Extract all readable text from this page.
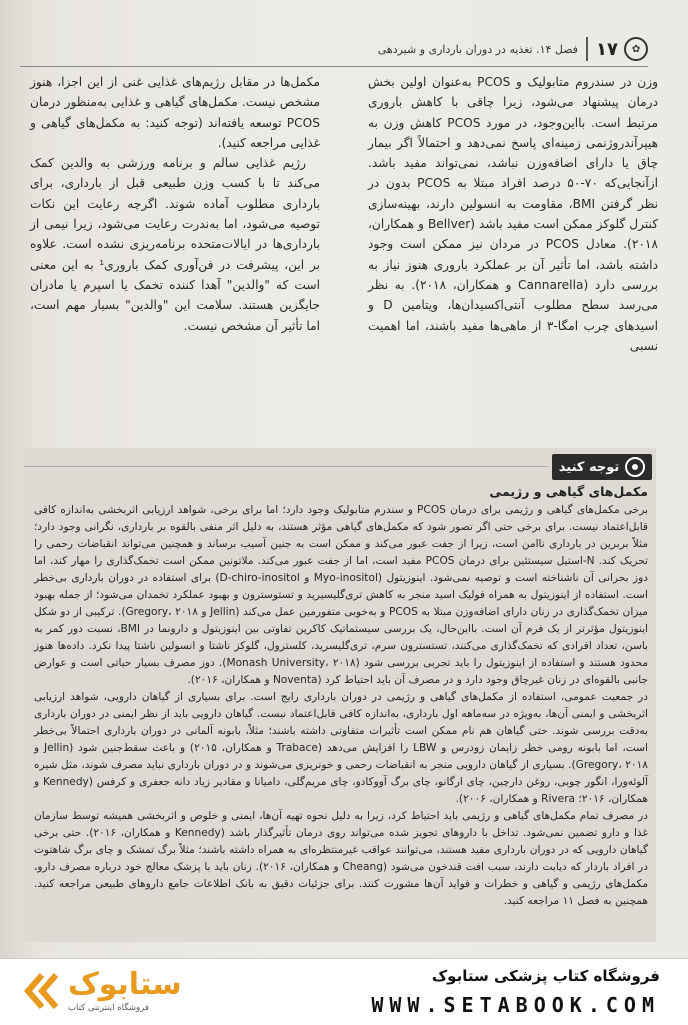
✿
۱۷
فصل ۱۴. تغذیه در دوران بارداری و شیردهی

وزن در سندروم متابولیک و PCOS به‌عنوان اولین بخش درمان پیشنهاد می‌شود، زیرا چاقی با کاهش باروری مرتبط است. بااین‌وجود، در مورد PCOS کاهش وزن به هیپرآندروژنمی زمینه‌ای پاسخ نمی‌دهد و احتمالاً اگر بیمار چاق یا دارای اضافه‌وزن نباشد، نمی‌تواند مفید باشد. ازآنجایی‌که ۷۰-۵۰ درصد افراد مبتلا به PCOS بدون در نظر گرفتن BMI، مقاومت به انسولین دارند، بهینه‌سازی کنترل گلوکز ممکن است مفید باشد (Bellver و همکاران، ۲۰۱۸). معادل PCOS در مردان نیز ممکن است وجود داشته باشد، اما تأثیر آن بر عملکرد باروری هنوز نیاز به بررسی دارد (Cannarella و همکاران، ۲۰۱۸). به نظر می‌رسد سطح مطلوب آنتی‌اکسیدان‌ها، ویتامین D و اسیدهای چرب امگا-۳ از ماهی‌ها مفید باشند، اما اهمیت نسبی

مکمل‌ها در مقابل رژیم‌های غذایی غنی از این اجزا، هنوز مشخص نیست. مکمل‌های گیاهی و غذایی به‌منظور درمان PCOS توسعه یافته‌اند (توجه کنید: به مکمل‌های گیاهی و غذایی مراجعه کنید).

رژیم غذایی سالم و برنامه ورزشی به والدین کمک می‌کند تا با کسب وزن طبیعی قبل از بارداری، برای بارداری مطلوب آماده شوند. اگرچه رعایت این نکات توصیه می‌شود، اما به‌ندرت رعایت می‌شود، زیرا نیمی از بارداری‌ها در ایالات‌متحده برنامه‌ریزی نشده است. علاوه بر این، پیشرفت در فن‌آوری کمک باروری¹ به این معنی است که "والدین" آهدا کننده تخمک یا اسپرم یا مادران جایگزین هستند. سلامت این "والدین" بسیار مهم است، اما تأثیر آن مشخص نیست.

توجه کنید
مکمل‌های گیاهی و رژیمی

برخی مکمل‌های گیاهی و رژیمی برای درمان PCOS و سندرم متابولیک وجود دارد؛ اما برای برخی، شواهد ارزیابی اثربخشی به‌اندازه کافی قابل‌اعتماد نیست. برای برخی حتی اگر تصور شود که مکمل‌های گیاهی مؤثر هستند، به دلیل اثر منفی بالقوه بر بارداری، نگرانی وجود دارد؛ مثلاً بربرین در بارداری ناامن است، زیرا از جفت عبور می‌کند و ممکن است به جنین آسیب برساند و همچنین می‌تواند انقباضات رحمی را تحریک کند. N-استیل سیستئین برای درمان PCOS مفید است، اما از جفت عبور می‌کند. ملاتونین ممکن است تخمک‌گذاری را مهار کند، اما دوز بحرانی آن ناشناخته است و توصیه نمی‌شود. اینوزیتول (Myo-inositol و D-chiro-inositol) برای استفاده در دوران بارداری بی‌خطر است. استفاده از اینوزیتول به همراه فولیک اسید منجر به کاهش تری‌گلیسیرید و تستوسترون و بهبود عملکرد تخمدان می‌شود؛ از جمله بهبود میزان تخمک‌گذاری در زنان دارای اضافه‌وزن مبتلا به PCOS و به‌خوبی متفورمین عمل می‌کند (Jellin و Gregory، ۲۰۱۸). ترکیبی از دو شکل اینوزیتول مؤثرتر از یک فرم آن است. بااین‌حال، یک بررسی سیستماتیک کاکرین تفاوتی بین اینوزیتول و دارونما در BMI، نسبت دور کمر به باسن، تعداد افرادی که تخمک‌گذاری می‌کنند، تستسترون سرم، تری‌گلیسرید، کلسترول، گلوکز ناشتا و انسولین ناشتا پیدا نکرد. داده‌ها هنوز محدود هستند و استفاده از اینوزیتول را باید تجربی بررسی شود (Monash University، ۲۰۱۸). دوز مصرف بسیار حیاتی است و عوارض جانبی بالقوه‌ای در زنان غیرچاق وجود دارد و در مصرف آن باید احتیاط کرد (Noventa و همکاران، ۲۰۱۶).

در جمعیت عمومی، استفاده از مکمل‌های گیاهی و رژیمی در دوران بارداری رایج است. برای بسیاری از گیاهان دارویی، شواهد ارزیابی اثربخشی و ایمنی آن‌ها، به‌ویژه در سه‌ماهه اول بارداری، به‌اندازه کافی قابل‌اعتماد نیست. گیاهان دارویی باید از نظر ایمنی در دوران بارداری به‌دقت بررسی شوند. حتی گیاهان هم نام ممکن است تأثیرات متفاوتی داشته باشند؛ مثلاً، بابونه آلمانی در دوران بارداری احتمالاً بی‌خطر است، اما بابونه رومی خطر زایمان زودرس و LBW را افزایش می‌دهد (Trabace و همکاران، ۲۰۱۵) و باعث سقط‌جنین شود (Jellin و Gregory، ۲۰۱۸). بسیاری از گیاهان دارویی منجر به انقباضات رحمی و خونریزی می‌شوند و در دوران بارداری نباید مصرف شوند، مثل شیره آلوئه‌ورا، انگور چوبی، روغن دارچین، چای ارگانو، چای برگ آووکادو، چای مریم‌گلی، دامیانا و مقادیر زیاد دانه جعفری و کرفس (Kennedy و همکاران، ۲۰۱۶؛ Rivera و همکاران، ۲۰۰۶).

در مصرف تمام مکمل‌های گیاهی و رژیمی باید احتیاط کرد، زیرا به دلیل نحوه تهیه آن‌ها، ایمنی و خلوص و اثربخشی همیشه توسط سازمان غذا و دارو تضمین نمی‌شود. تداخل با داروهای تجویز شده می‌تواند روی درمان تأثیرگذار باشد (Kennedy و همکاران، ۲۰۱۶). حتی برخی گیاهان دارویی که در دوران بارداری مفید هستند، می‌توانند عواقب غیرمنتظره‌ای به همراه داشته باشند؛ مثلاً برگ تمشک و چای برگ شاهتوت در افراد باردار که دیابت دارند، سبب افت قندخون می‌شود (Cheang و همکاران، ۲۰۱۶). زنان باید با پزشک معالج خود درباره مصرف دارو، مکمل‌های رژیمی و گیاهی و خطرات و فواید آن‌ها مشورت کنند. برای جزئیات دقیق به بانک اطلاعات جامع داروهای طبیعی مراجعه کنید. همچنین به فصل ۱۱ مراجعه کنید.

ستابوک
فروشگاه اینترنتی کتاب
فروشگاه کتاب پزشکی ستابوک
WWW.SETABOOK.COM
